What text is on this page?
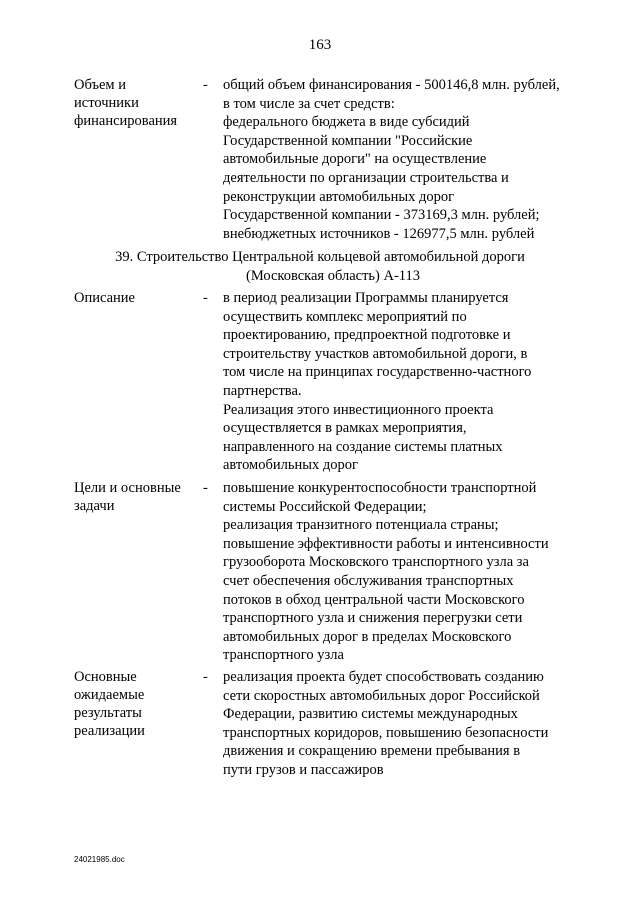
163
Объем и
источники
финансирования
- общий объем финансирования - 500146,8 млн. рублей,
в том числе за счет средств:
федерального бюджета в виде субсидий
Государственной компании "Российские
автомобильные дороги" на осуществление
деятельности по организации строительства и
реконструкции автомобильных дорог
Государственной компании - 373169,3 млн. рублей;
внебюджетных источников - 126977,5 млн. рублей
39. Строительство Центральной кольцевой автомобильной дороги
(Московская область) А-113
Описание	- в период реализации Программы планируется
осуществить комплекс мероприятий по
проектированию, предпроектной подготовке и
строительству участков автомобильной дороги, в
том числе на принципах государственно-частного
партнерства.
Реализация этого инвестиционного проекта
осуществляется в рамках мероприятия,
направленного на создание системы платных
автомобильных дорог
Цели и основные
задачи
- повышение конкурентоспособности транспортной
системы Российской Федерации;
реализация транзитного потенциала страны;
повышение эффективности работы и интенсивности
грузооборота Московского транспортного узла за
счет обеспечения обслуживания транспортных
потоков в обход центральной части Московского
транспортного узла и снижения перегрузки сети
автомобильных дорог в пределах Московского
транспортного узла
Основные
ожидаемые
результаты
реализации
- реализация проекта будет способствовать созданию
сети скоростных автомобильных дорог Российской
Федерации, развитию системы международных
транспортных коридоров, повышению безопасности
движения и сокращению времени пребывания в
пути грузов и пассажиров
24021985.doc
